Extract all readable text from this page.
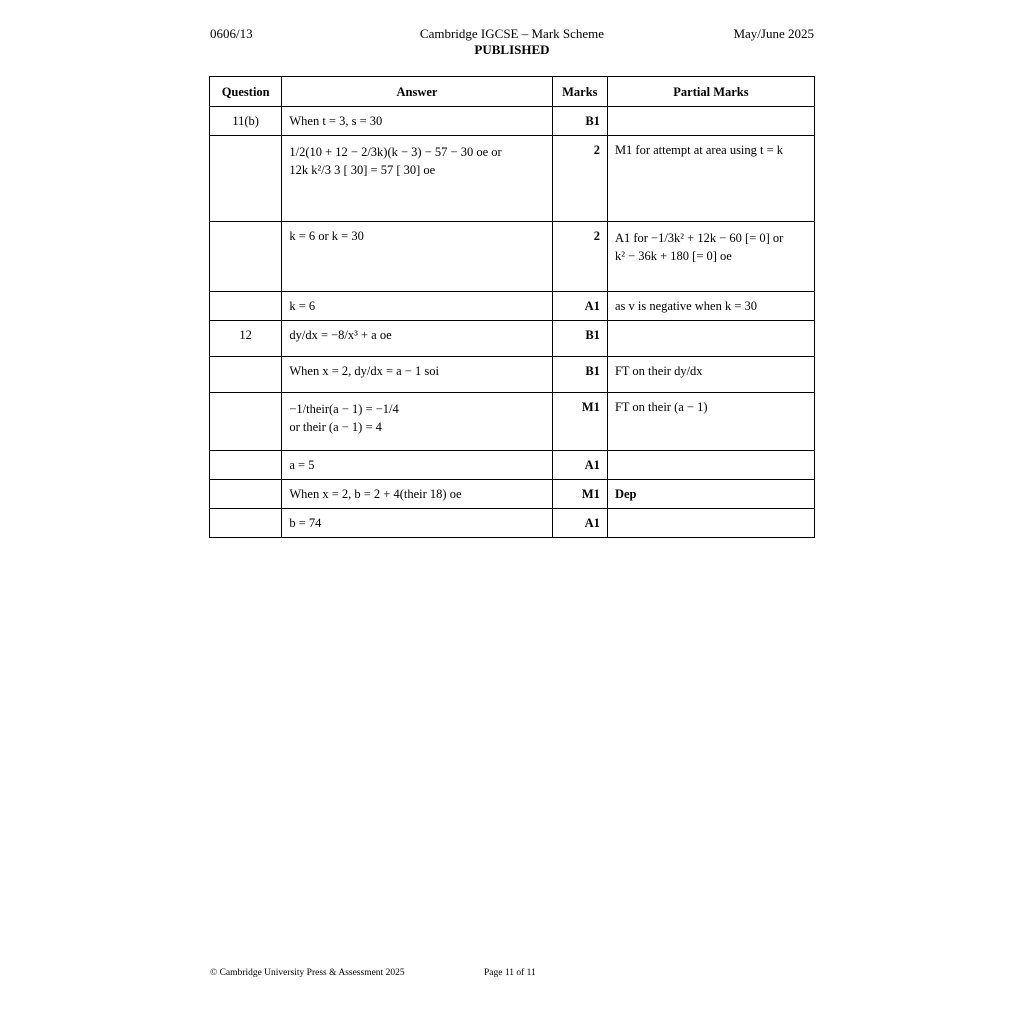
0606/13	Cambridge IGCSE – Mark Scheme
PUBLISHED
May/June 2025
Question	Answer	Marks	Partial Marks
11(b)	When t = 3, s = 30	B1	

	1/2(10 + 12 − 2/3k)(k − 3) − 57 − 30 oe or
12k k²/3 3 [ 30] = 57 [ 30] oe	2	M1 for attempt at area using t = k
	k = 6 or k = 30	2	A1 for −1/3k² + 12k − 60 [= 0] or
k² − 36k + 180 [= 0] oe

	k = 6	A1	as v is negative when k = 30
12	dy/dx = −8/x³ + a oe	B1	
	When x = 2, dy/dx = a − 1 soi	B1	FT on their dy/dx

	−1/their(a − 1) = −1/4
or their (a − 1) = 4	M1	FT on their (a − 1)
	a = 5	A1	
	When x = 2, b = 2 + 4(their 18) oe	M1	Dep
	b = 74	A1	
© Cambridge University Press & Assessment 2025	Page 11 of 11
